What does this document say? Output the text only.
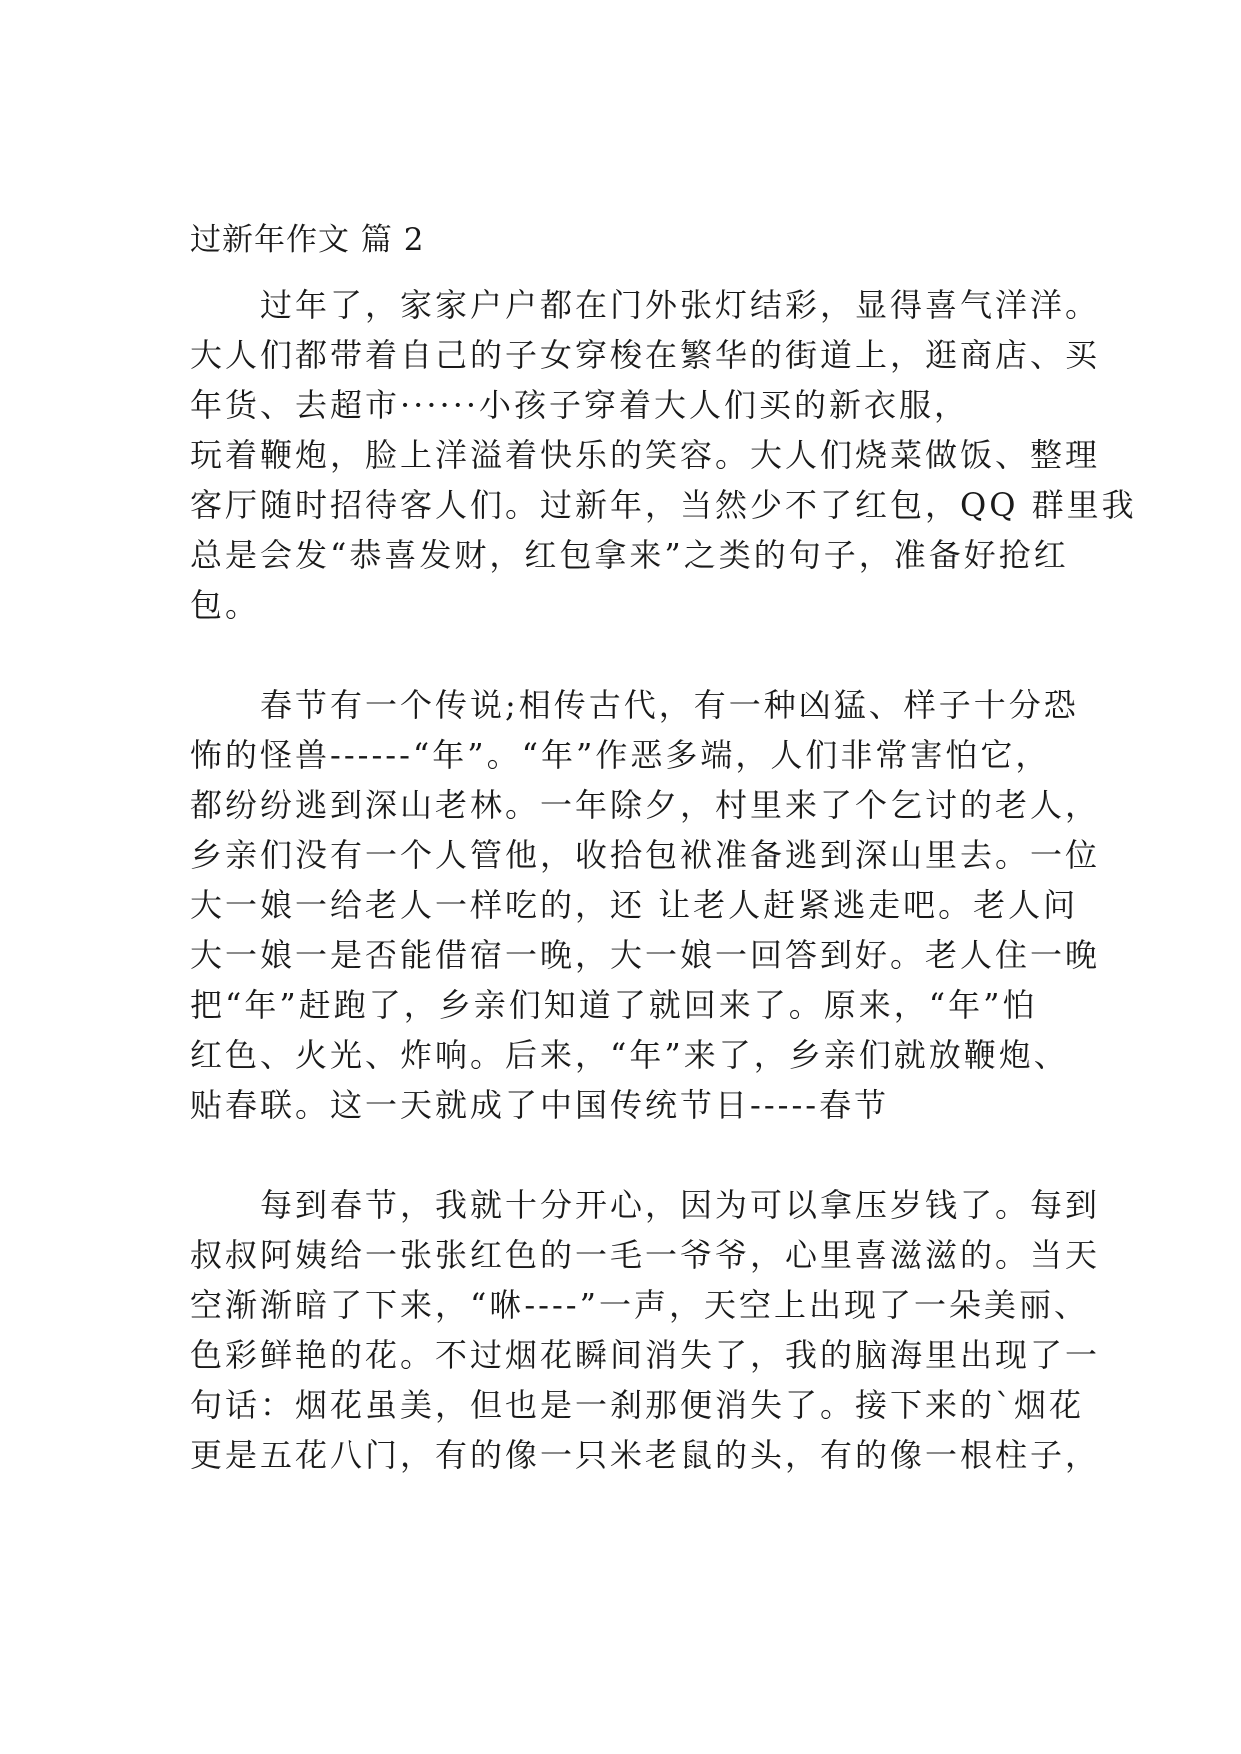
过新年作文 篇 2
过年了，家家户户都在门外张灯结彩，显得喜气洋洋。
大人们都带着自己的子女穿梭在繁华的街道上，逛商店、买
年货、去超市······小孩子穿着大人们买的新衣服，
玩着鞭炮，脸上洋溢着快乐的笑容。大人们烧菜做饭、整理
客厅随时招待客人们。过新年，当然少不了红包，QQ 群里我
总是会发“恭喜发财，红包拿来”之类的句子，准备好抢红
包。
春节有一个传说;相传古代，有一种凶猛、样子十分恐
怖的怪兽------“年”。“年”作恶多端，人们非常害怕它，
都纷纷逃到深山老林。一年除夕，村里来了个乞讨的老人，
乡亲们没有一个人管他，收拾包袱准备逃到深山里去。一位
大一娘一给老人一样吃的，还 让老人赶紧逃走吧。老人问
大一娘一是否能借宿一晚，大一娘一回答到好。老人住一晚
把“年”赶跑了，乡亲们知道了就回来了。原来，“年”怕
红色、火光、炸响。后来，“年”来了，乡亲们就放鞭炮、
贴春联。这一天就成了中国传统节日-----春节
每到春节，我就十分开心，因为可以拿压岁钱了。每到
叔叔阿姨给一张张红色的一毛一爷爷，心里喜滋滋的。当天
空渐渐暗了下来，“咻----”一声，天空上出现了一朵美丽、
色彩鲜艳的花。不过烟花瞬间消失了，我的脑海里出现了一
句话：烟花虽美，但也是一刹那便消失了。接下来的`烟花
更是五花八门，有的像一只米老鼠的头，有的像一根柱子，
